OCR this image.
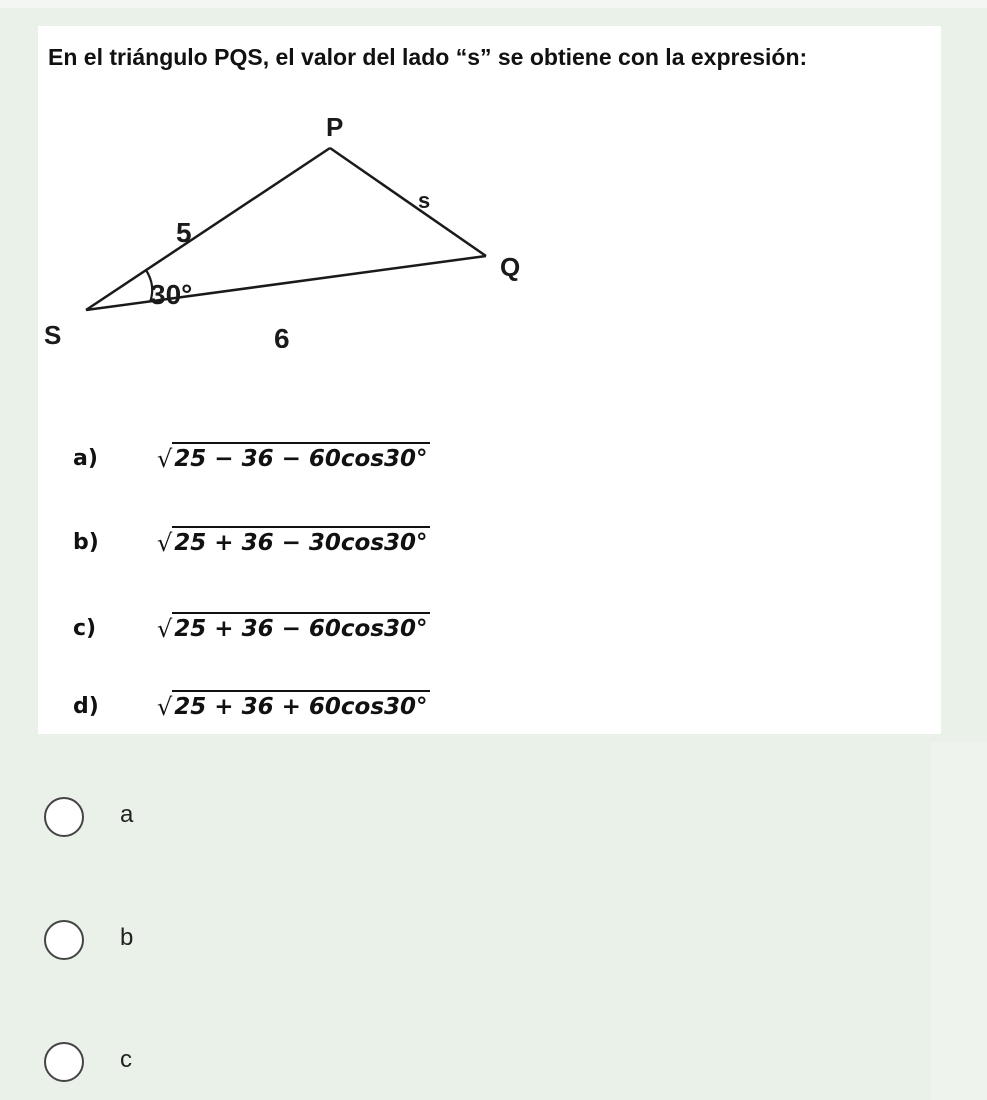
En el triángulo PQS, el valor del lado “s” se obtiene con la expresión:
P
Q
S
5
s
6
30°
a) √25 − 36 − 60cos30°
b) √25 + 36 − 30cos30°
c)	√25 + 36 − 60cos30°
d) √25 + 36 + 60cos30°
a
b
c
